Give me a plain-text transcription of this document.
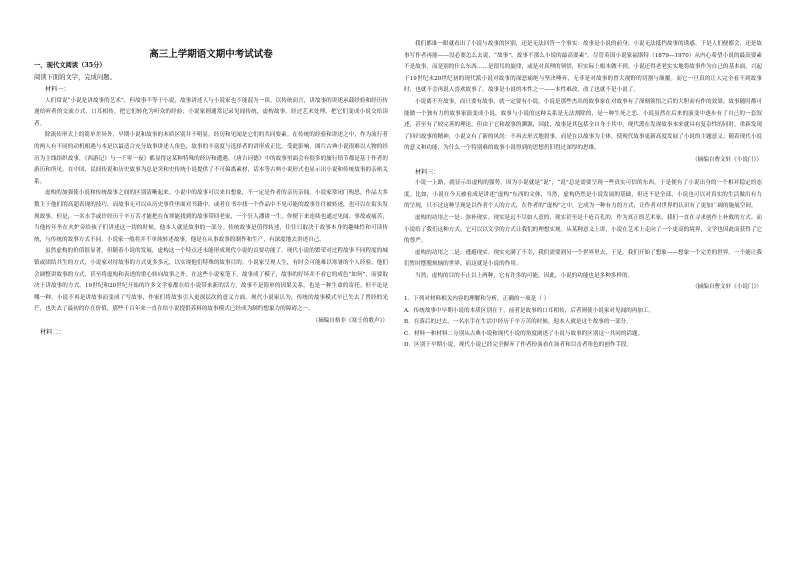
高三上学期语文期中考试试卷
一、现代文阅读（35分）
阅读下面的文字，完成问题。

材料一：

人们常说“小说是讲故事的艺术”，但故事不等于小说，故事讲述人与小说家也不能混为一谈。以传统而言，讲故事的讲述承载经验和经历传递给听者的交流方式，口耳相传，把它们转化为听众的经验；小说家则通常记录见闻传统，虚构故事，经过艺术处理，把它们变成小说交给读者。

除流传形式上的简单差异外，早期小说和故事的本质区别并不明显，经历和见闻是它们的共同要素。在传统的经验和讲述之中，作为流行者的两人有不同的动机相遇与本是以最适合充分故事讲述人角色，故事的丰富度与选择者的讲形成正比。受此影响，图片古典小说很难以人物的经历为主线组织故事，《西游记》与一千零一夜》都显得这某种特殊的经历和遭遇。《唐吉诃德》中的故事里面会有很多的旅行情节都是基于作者的游历和所见。在中国，民间传说和历史故事为总是突和史传统小说提供了不可偏离素材，话本等古典小说形式也显示出小说和传统故事的亲密关系。

虚构的加强使小说和传统故事之间的区别清晰起来。小说中的故事可以来自想象，不一定是作者的亲历亲闻。小说家常闭门构思，作品大多数主于他们的高超表现的技巧，而故事无可以从历史事件里面对书籍中，或者在书中找一个作品中不见可能的故事往往被转述，也可以在街头发现故事。但是，一名水手或许经历千辛万苦才能把在布坝能找到的故事带回老家，一个狂人潘诸一生，你便下来连续也通过见闻、事故或痛苦，当他转年坐在火炉旁给孩子们讲述这一切的时候，他本人就是故事的一部分。传统故事是值得转述，往往只取决于故事本身的趣味性和可读传统，与传统的故事方式不同，小说家一般将并不单纯转述故事，他是在从事故事的制作和生产，有深度地去讲述自己。

虽然虚构的价值很显著，但随着小说的发展，虚构这一个特点还未能形成现代小说的首要功能了，现代小说的繁荣对过程故事不同程度的城镇或团结共生的方式，小说家对待故事的方式更多多元，以实现他们特殊的故事目的。小说家呈现人生，有时会可能难以寒暑的个人经验，他们会调整讲故事的方式，甚至将虚构和表述的重心转向故事之外。在这些小说家笔下，故事成了模子，故事的好坏并不看它的成色“如何”，而要取决于讲故事的方式。19世纪和20世纪开始的许多文学家都在给小说带来新的活力，故事不是简单的因果关系，也是一种生命的寄托。但不论是哪一种，小说不再是讲故事而变成了写故事，作家们将故事引入更深层次的意义方面。现代小说家认为，传统的故事模式早已失去了曾经的光芒，也失去了最初的存在价值，那些千百年来一直在给小说提供养料的故事模式已经成为制约想象力的障碍之一。

（摘编自格非《塞壬的歌声》）

材料二：

我们都谁一眼就看出了小说与故事的区别，还是无法回答一个事实：故事是小说的前身；小说无法抵挡故事的诱惑。于是人们便都会，还是故事写作者再能——没必要怎么去说，“故事”，故事不那么小说的最高要素”。尽管英国小说家福斯特（1879—1970）从内心希望小说的最高要素不是故事，而是别的什么东西……是很耳的旋律，或是对真理的领悟，但实际上根本做不到。小说还得老老实实地将故事作为自己的基本面。兴起于19世纪末20世纪初的现代派小说对故事的深恶痛绝与坚决唾弃，无非是对故事的曾大视野的切割与颠覆。而它一旦真的让人完全看不到故事时，也就不会再说人喜欢故事了。故事是小说的本性之一——本性难改，改了也就不是小说了。

小说离不开故事，而只要有故事，就一定要有小说。小说是那些杰出的故事家在对故事有了深刻领悟之后的大胆而有作的效果。故事随时都可能做一个独有力的故事家演变成小说，故事与小说的这种关系是无法割除的，是一种生死之恋。小说虽然在后来的演变中逐步有了自己的一套叙述，甚至有了较完善的理论，但由于它和故事的渊源，因此，故事是其包括全自身于其中。现代派在发现故事本来就具有复杂性的同时，重新发现了回归故事的精神，小说文有了新的风尚：不再去形式地叙事，而是在以故事为主体，使现代故事更新高度发展了小说的主题意义；随着现代小说的意义和功能，为什么一个特别难的故事小说得到的思想仍旧得过深厚的思维。

（摘编自曹文轩《小说门》）

材料三：

小说一上路，就显示出虚构的强势，因为小说就是“说”，“说”总是需要呈现一些真实可信的东西，于是便有了小说出身的一个相对稳定的态度。比如，小说在今天被看成是讲述“虚构”东西的文体，当然，虚构仍然是小说发展的基础，但还不是全部，小说也可以对真实的生活做出有力的呈现，只不过这种呈现是以作者个人的方式，在作者的“虚构”之中，它成为一种有力的方式，让作者对世界的认识有了更加广阔的施展空间。

虚构的功用之一是：弥补现实。现实是远不尽如人意的，现实甚至是千疮百孔的，作为真正的艺术家，我们一直在寻求创作上补救的方式。而小说给了我们这种方式，它可以以文学的方式让我们的理想实现。从某种意义上讲，小说在艺术上走向了一个更高的境界，文学也因此而获得了它的尊严。

虚构的功用之二是：逃避现实。现实充满了不幸，我们需要到另一个世界里去，于是，我们开始了想象——想象一个完美的世界。一个能让我们暂时摆脱烦恼的世界，而这就是小说的作用。

当然，虚构的目的不止以上两种，它有许多的可能，因此，小说的功能也是多种多样的。

（摘编自曹文轩《小说门》）

1．下列对材料相关内容的理解和分析，正确的一项是（ ）

A．传统故事中早期小说的本质区别在于，前者是故事的口耳相传，后者则使小说家对见闻的再加工。

B．在落后的过去，一名水手在生活中经历千辛万苦的时候，他本人就是这个故事的一部分。

C．材料一和材料二分别从古典小说和现代小说的角度阐述了小说与故事的区别这一共同的话题。

D．区别于早期小说，现代小说已经完全摒弃了作者扮演看在场者和目击者角色的创作手段。
